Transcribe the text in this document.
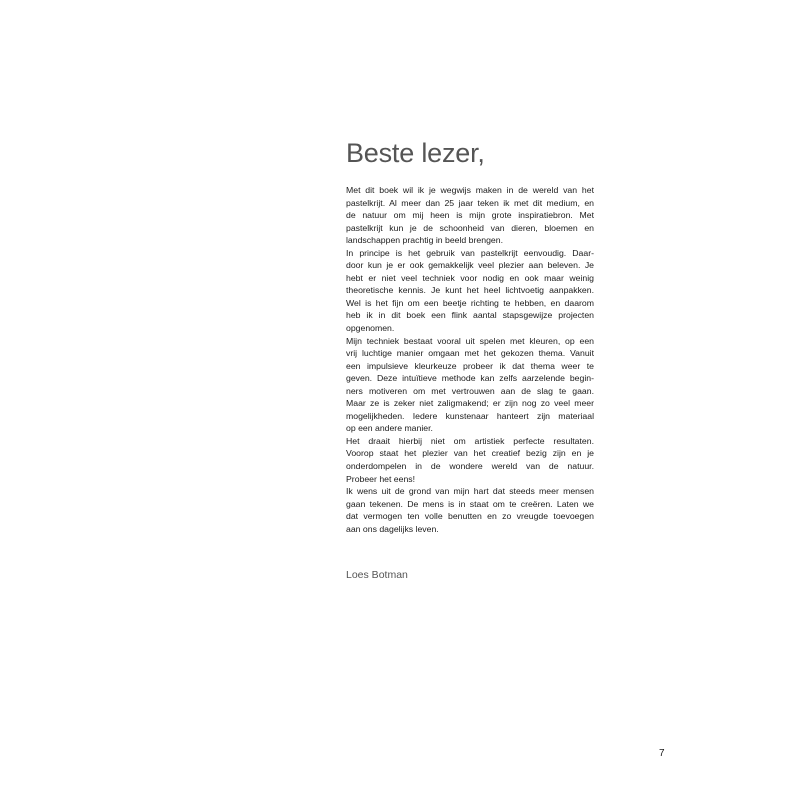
Beste lezer,
Met dit boek wil ik je wegwijs maken in de wereld van het
pastelkrijt. Al meer dan 25 jaar teken ik met dit medium, en
de natuur om mij heen is mijn grote inspiratiebron. Met
pastelkrijt kun je de schoonheid van dieren, bloemen en
landschappen prachtig in beeld brengen.
In principe is het gebruik van pastelkrijt eenvoudig. Daar-
door kun je er ook gemakkelijk veel plezier aan beleven. Je
hebt er niet veel techniek voor nodig en ook maar weinig
theoretische kennis. Je kunt het heel lichtvoetig aanpakken.
Wel is het fijn om een beetje richting te hebben, en daarom
heb ik in dit boek een flink aantal stapsgewijze projecten
opgenomen.
Mijn techniek bestaat vooral uit spelen met kleuren, op een
vrij luchtige manier omgaan met het gekozen thema. Vanuit
een impulsieve kleurkeuze probeer ik dat thema weer te
geven. Deze intuïtieve methode kan zelfs aarzelende begin-
ners motiveren om met vertrouwen aan de slag te gaan.
Maar ze is zeker niet zaligmakend; er zijn nog zo veel meer
mogelijkheden. Iedere kunstenaar hanteert zijn materiaal
op een andere manier.
Het draait hierbij niet om artistiek perfecte resultaten.
Voorop staat het plezier van het creatief bezig zijn en je
onderdompelen in de wondere wereld van de natuur.
Probeer het eens!
Ik wens uit de grond van mijn hart dat steeds meer mensen
gaan tekenen. De mens is in staat om te creëren. Laten we
dat vermogen ten volle benutten en zo vreugde toevoegen
aan ons dagelijks leven.
Loes Botman
7
